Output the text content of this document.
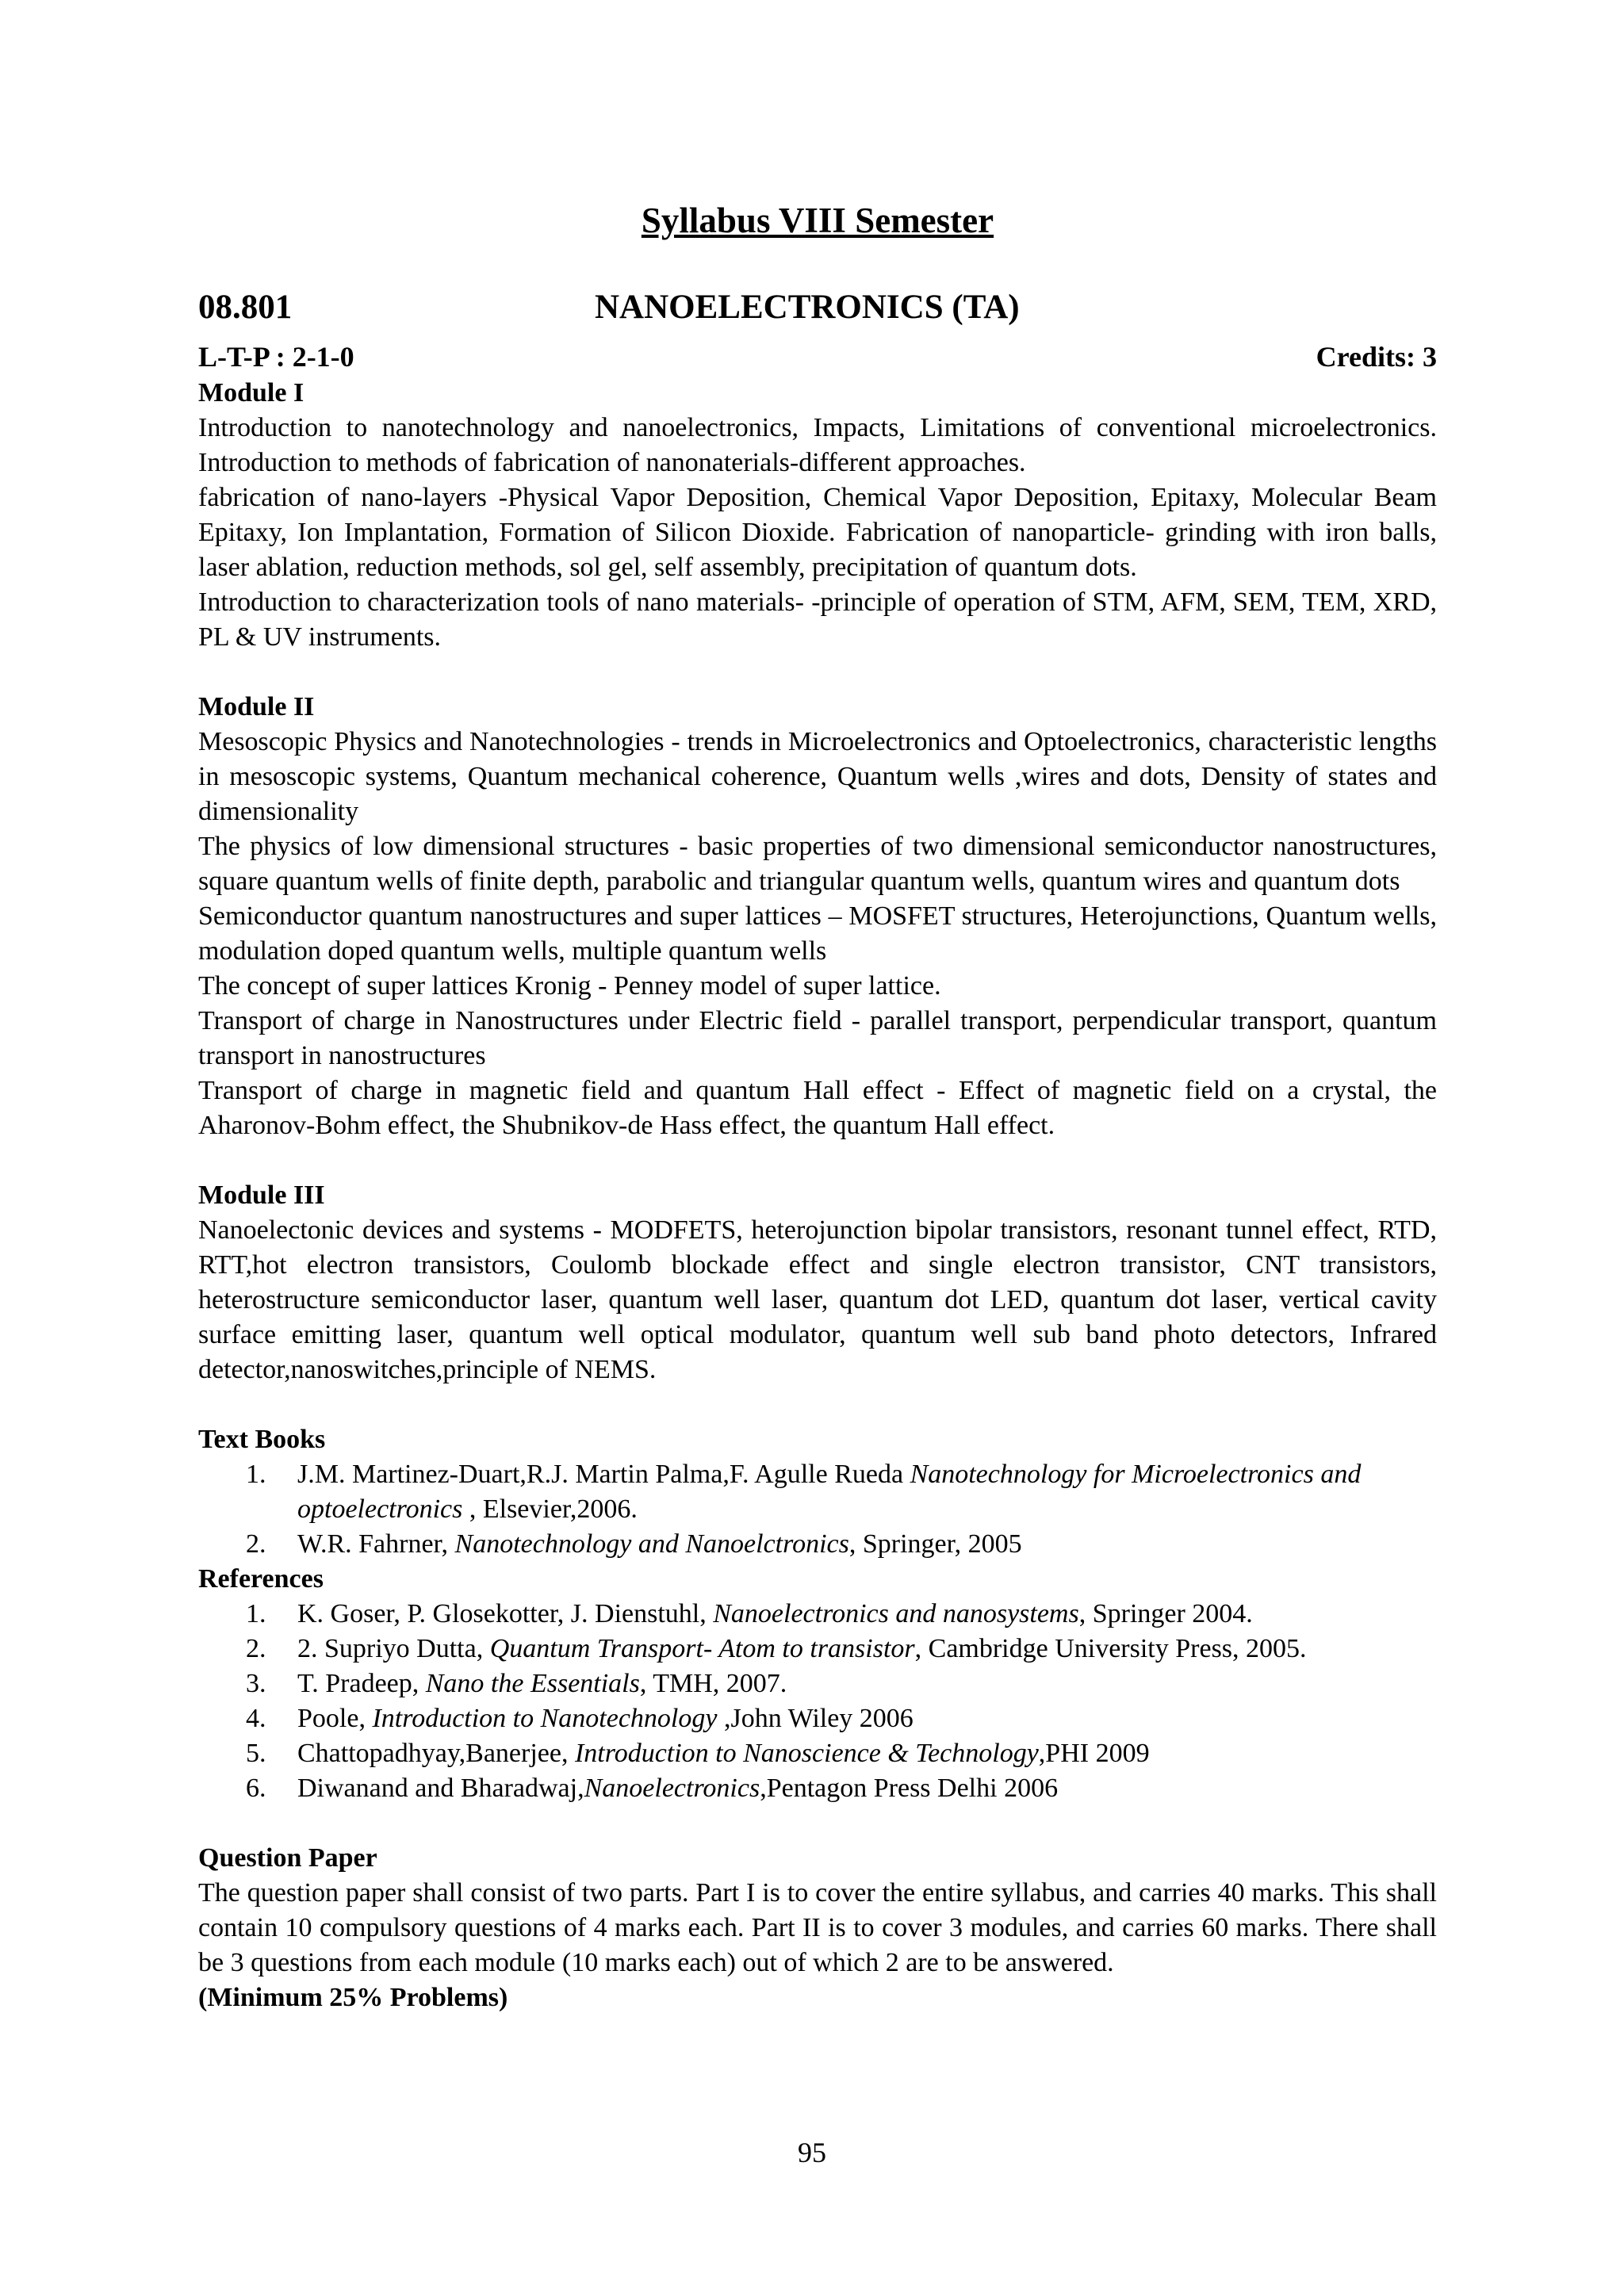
Syllabus VIII Semester
08.801	NANOELECTRONICS (TA)
L-T-P : 2-1-0	Credits: 3
Module I

Introduction to nanotechnology and nanoelectronics, Impacts, Limitations of conventional microelectronics. Introduction to methods of fabrication of nanonaterials-different approaches.

fabrication of nano-layers -Physical Vapor Deposition, Chemical Vapor Deposition, Epitaxy, Molecular Beam Epitaxy, Ion Implantation, Formation of Silicon Dioxide. Fabrication of nanoparticle- grinding with iron balls, laser ablation, reduction methods, sol gel, self assembly, precipitation of quantum dots.

Introduction to characterization tools of nano materials- -principle of operation of STM, AFM, SEM, TEM, XRD, PL & UV instruments.

Module II

Mesoscopic Physics and Nanotechnologies - trends in Microelectronics and Optoelectronics, characteristic lengths in mesoscopic systems, Quantum mechanical coherence, Quantum wells ,wires and dots, Density of states and dimensionality

The physics of low dimensional structures - basic properties of two dimensional semiconductor nanostructures, square quantum wells of finite depth, parabolic and triangular quantum wells, quantum wires and quantum dots

Semiconductor quantum nanostructures and super lattices – MOSFET structures, Heterojunctions, Quantum wells, modulation doped quantum wells, multiple quantum wells

The concept of super lattices Kronig - Penney model of super lattice.

Transport of charge in Nanostructures under Electric field - parallel transport, perpendicular transport, quantum transport in nanostructures

Transport of charge in magnetic field and quantum Hall effect - Effect of magnetic field on a crystal, the Aharonov-Bohm effect, the Shubnikov-de Hass effect, the quantum Hall effect.

Module III

Nanoelectonic devices and systems - MODFETS, heterojunction bipolar transistors, resonant tunnel effect, RTD, RTT,hot electron transistors, Coulomb blockade effect and single electron transistor, CNT transistors, heterostructure semiconductor laser, quantum well laser, quantum dot LED, quantum dot laser, vertical cavity surface emitting laser, quantum well optical modulator, quantum well sub band photo detectors, Infrared detector,nanoswitches,principle of NEMS.

Text Books
1. J.M. Martinez-Duart,R.J. Martin Palma,F. Agulle Rueda Nanotechnology for Microelectronics and optoelectronics , Elsevier,2006.
2. W.R. Fahrner, Nanotechnology and Nanoelctronics, Springer, 2005
References
1. K. Goser, P. Glosekotter, J. Dienstuhl, Nanoelectronics and nanosystems, Springer 2004.
2. 2. Supriyo Dutta, Quantum Transport- Atom to transistor, Cambridge University Press, 2005.
3. T. Pradeep, Nano the Essentials, TMH, 2007.
4. Poole, Introduction to Nanotechnology ,John Wiley 2006
5. Chattopadhyay,Banerjee, Introduction to Nanoscience & Technology,PHI 2009
6. Diwanand and Bharadwaj,Nanoelectronics,Pentagon Press Delhi 2006
Question Paper

The question paper shall consist of two parts. Part I is to cover the entire syllabus, and carries 40 marks. This shall contain 10 compulsory questions of 4 marks each. Part II is to cover 3 modules, and carries 60 marks. There shall be 3 questions from each module (10 marks each) out of which 2 are to be answered.

(Minimum 25% Problems)
95
